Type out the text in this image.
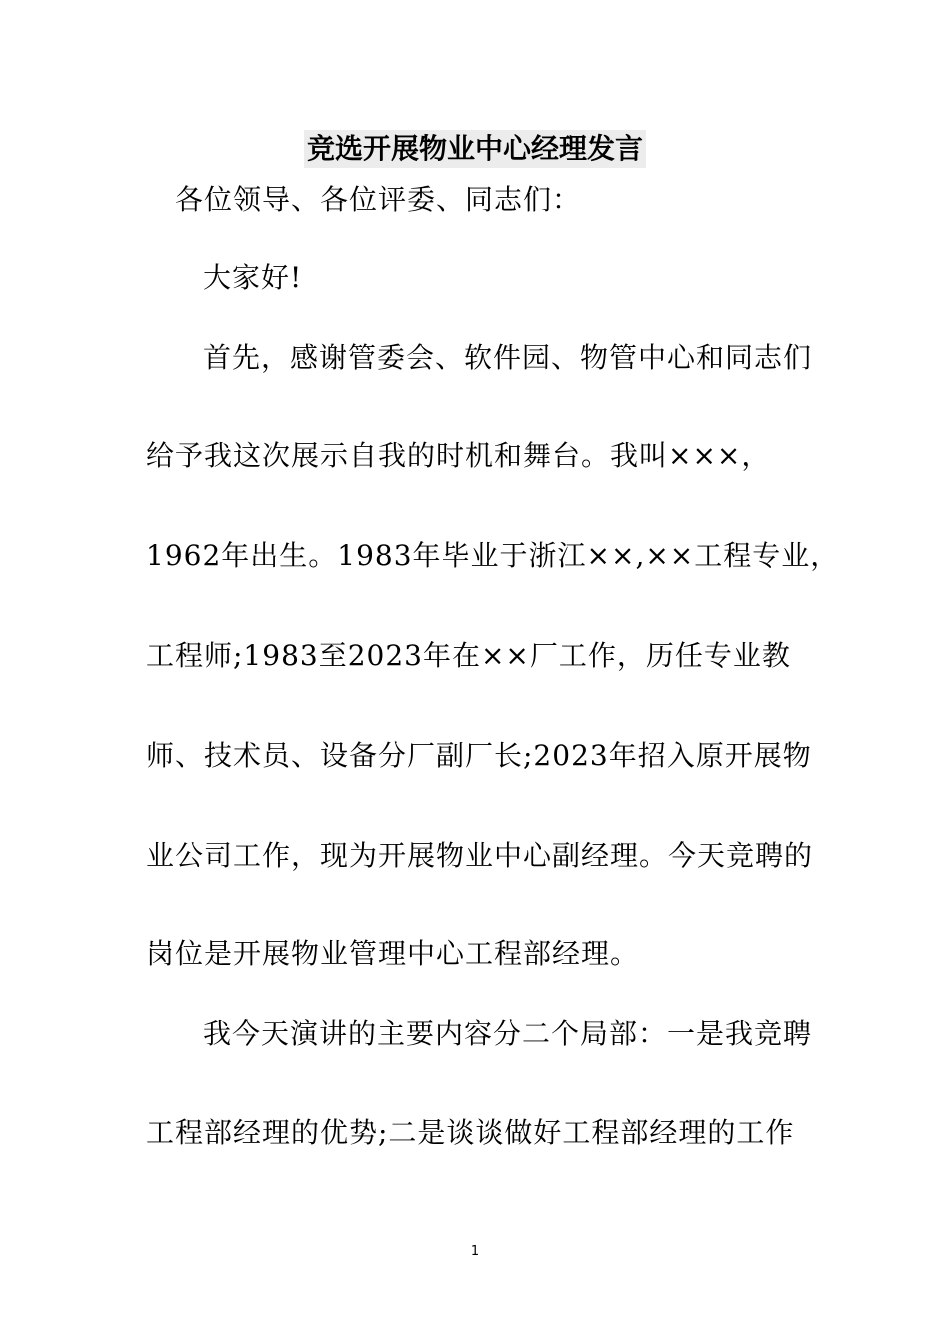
竞选开展物业中心经理发言
各位领导、各位评委、同志们：
大家好!
首先，感谢管委会、软件园、物管中心和同志们
给予我这次展示自我的时机和舞台。我叫×××，
1962年出生。1983年毕业于浙江××,××工程专业，
工程师;1983至2023年在××厂工作，历任专业教
师、技术员、设备分厂副厂长;2023年招入原开展物
业公司工作，现为开展物业中心副经理。今天竞聘的
岗位是开展物业管理中心工程部经理。
我今天演讲的主要内容分二个局部：一是我竞聘
工程部经理的优势;二是谈谈做好工程部经理的工作
1
